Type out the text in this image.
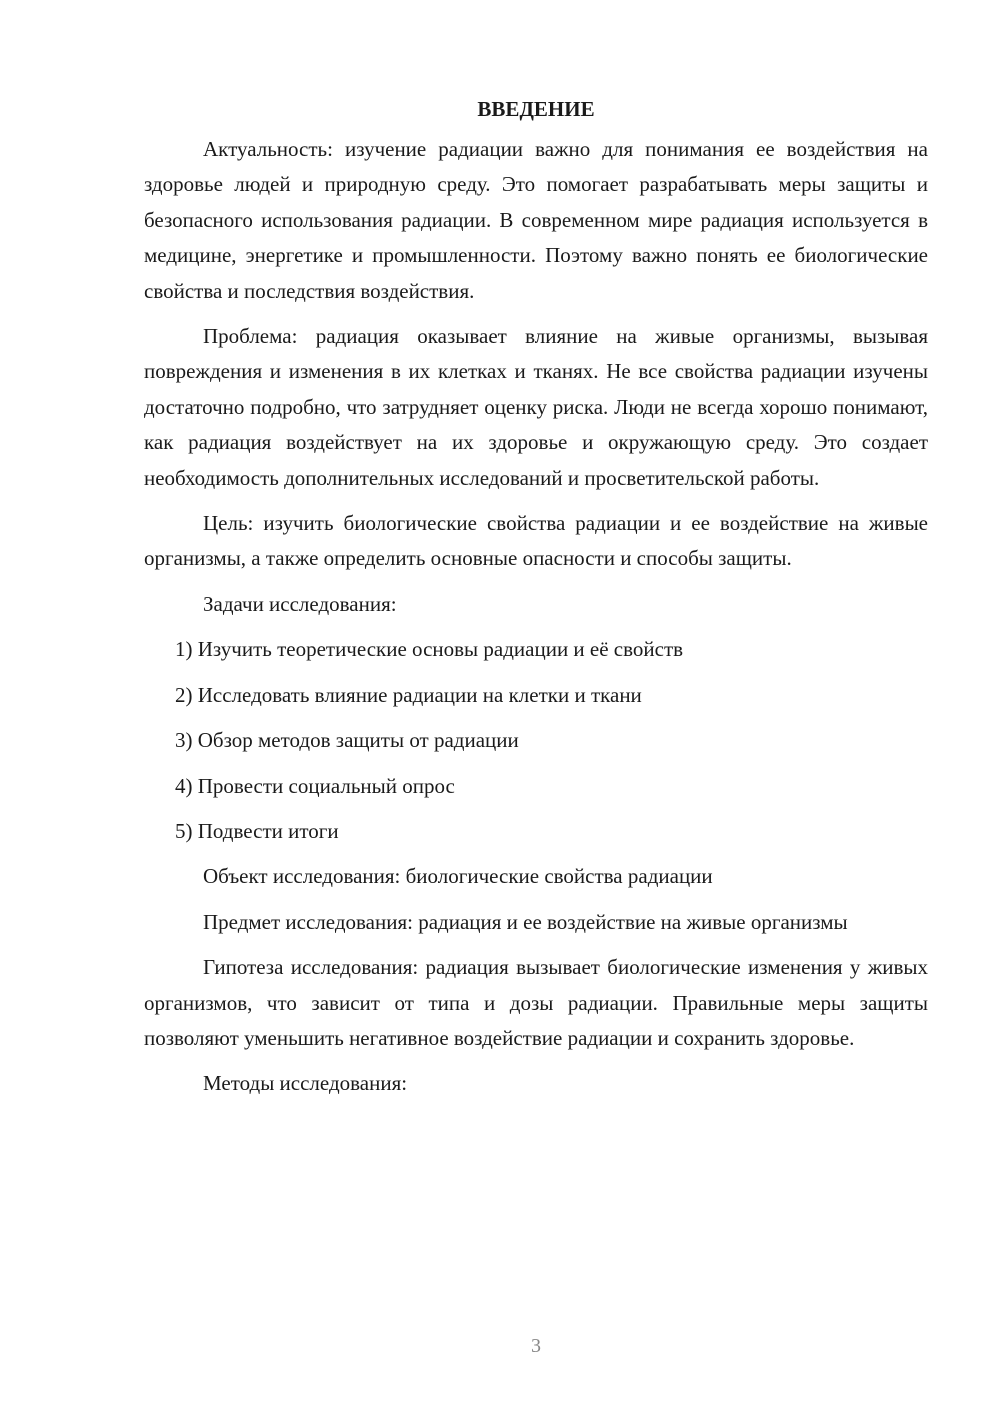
ВВЕДЕНИЕ

Актуальность: изучение радиации важно для понимания ее воздействия на здоровье людей и природную среду. Это помогает разрабатывать меры защиты и безопасного использования радиации. В современном мире радиация используется в медицине, энергетике и промышленности. Поэтому важно понять ее биологические свойства и последствия воздействия.

Проблема: радиация оказывает влияние на живые организмы, вызывая повреждения и изменения в их клетках и тканях. Не все свойства радиации изучены достаточно подробно, что затрудняет оценку риска. Люди не всегда хорошо понимают, как радиация воздействует на их здоровье и окружающую среду. Это создает необходимость дополнительных исследований и просветительской работы.

Цель: изучить биологические свойства радиации и ее воздействие на живые организмы, а также определить основные опасности и способы защиты.

Задачи исследования:

1) Изучить теоретические основы радиации и её свойств
2) Исследовать влияние радиации на клетки и ткани
3) Обзор методов защиты от радиации
4) Провести социальный опрос
5) Подвести итоги

Объект исследования: биологические свойства радиации

Предмет исследования: радиация и ее воздействие на живые организмы

Гипотеза исследования: радиация вызывает биологические изменения у живых организмов, что зависит от типа и дозы радиации. Правильные меры защиты позволяют уменьшить негативное воздействие радиации и сохранить здоровье.

Методы исследования:

3
